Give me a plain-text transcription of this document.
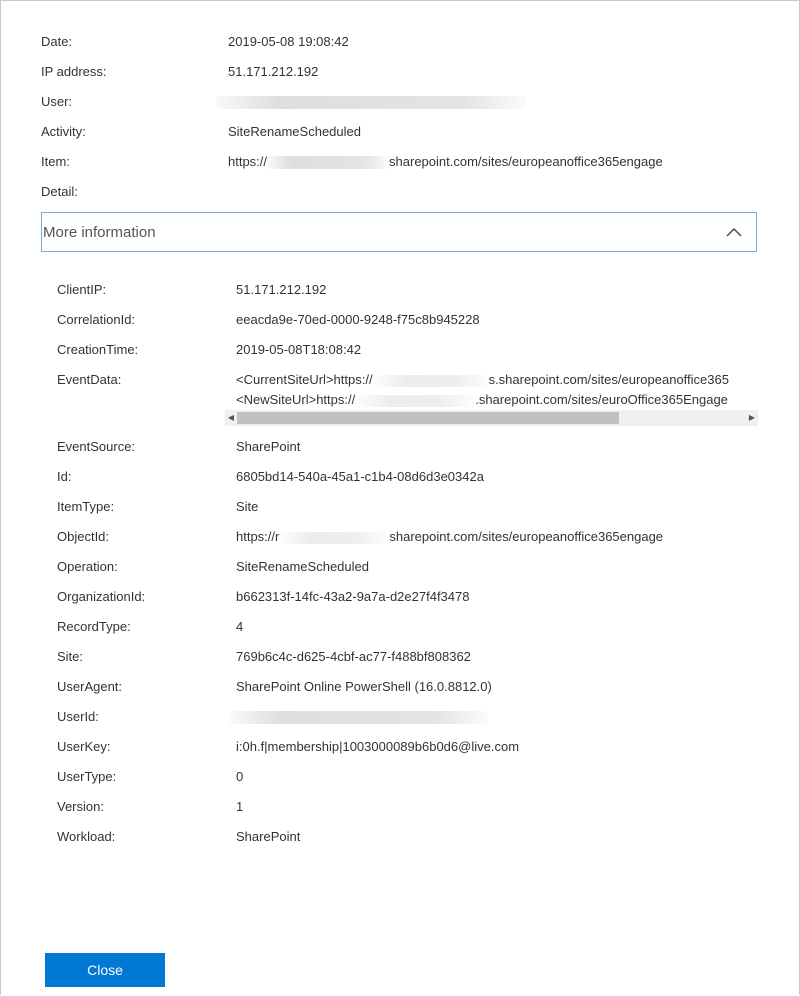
Date:	2019-05-08 19:08:42
IP address:	51.171.212.192
User:
Activity:	SiteRenameScheduled
Item:	https://	sharepoint.com/sites/europeanoffice365engage
Detail:
More information
ClientIP:	51.171.212.192
CorrelationId:	eeacda9e-70ed-0000-9248-f75c8b945228
CreationTime:	2019-05-08T18:08:42
EventData:	<CurrentSiteUrl>https://	s.sharepoint.com/sites/europeanoffice365
<NewSiteUrl>https://	.sharepoint.com/sites/euroOffice365Engage
◀	▶
EventSource:	SharePoint
Id:	6805bd14-540a-45a1-c1b4-08d6d3e0342a
ItemType:	Site
ObjectId:	https://r	sharepoint.com/sites/europeanoffice365engage
Operation:	SiteRenameScheduled
OrganizationId:	b662313f-14fc-43a2-9a7a-d2e27f4f3478
RecordType:	4
Site:	769b6c4c-d625-4cbf-ac77-f488bf808362
UserAgent:	SharePoint Online PowerShell (16.0.8812.0)
UserId:
UserKey:	i:0h.f|membership|1003000089b6b0d6@live.com
UserType:	0
Version:	1
Workload:	SharePoint
Close
